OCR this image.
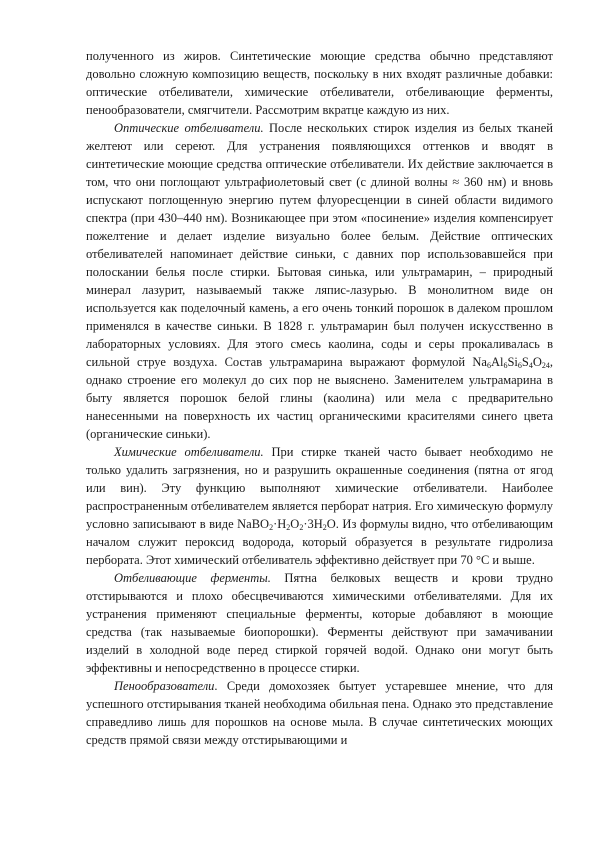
полученного из жиров. Синтетические моющие средства обычно представляют довольно сложную композицию веществ, поскольку в них входят различные добавки: оптические отбеливатели, химические отбеливатели, отбеливающие ферменты, пенообразователи, смягчители. Рассмотрим вкратце каждую из них.

Оптические отбеливатели. После нескольких стирок изделия из белых тканей желтеют или сереют. Для устранения появляющихся оттенков и вводят в синтетические моющие средства оптические отбеливатели. Их действие заключается в том, что они поглощают ультрафиолетовый свет (с длиной волны ≈ 360 нм) и вновь испускают поглощенную энергию путем флуоресценции в синей области видимого спектра (при 430–440 нм). Возникающее при этом «посинение» изделия компенсирует пожелтение и делает изделие визуально более белым. Действие оптических отбеливателей напоминает действие синьки, с давних пор использовавшейся при полоскании белья после стирки. Бытовая синька, или ультрамарин, – природный минерал лазурит, называемый также ляпис-лазурью. В монолитном виде он используется как поделочный камень, а его очень тонкий порошок в далеком прошлом применялся в качестве синьки. В 1828 г. ультрамарин был получен искусственно в лабораторных условиях. Для этого смесь каолина, соды и серы прокаливалась в сильной струе воздуха. Состав ультрамарина выражают формулой $Na_6Al_6Si_6S_4O_{24}$, однако строение его молекул до сих пор не выяснено. Заменителем ультрамарина в быту является порошок белой глины (каолина) или мела с предварительно нанесенными на поверхность их частиц органическими красителями синего цвета (органические синьки).

Химические отбеливатели. При стирке тканей часто бывает необходимо не только удалить загрязнения, но и разрушить окрашенные соединения (пятна от ягод или вин). Эту функцию выполняют химические отбеливатели. Наиболее распространенным отбеливателем является перборат натрия. Его химическую формулу условно записывают в виде $NaBO_2\cdot H_2O_2\cdot 3H_2O$. Из формулы видно, что отбеливающим началом служит пероксид водорода, который образуется в результате гидролиза пербората. Этот химический отбеливатель эффективно действует при 70 °С и выше.

Отбеливающие ферменты. Пятна белковых веществ и крови трудно отстирываются и плохо обесцвечиваются химическими отбеливателями. Для их устранения применяют специальные ферменты, которые добавляют в моющие средства (так называемые биопорошки). Ферменты действуют при замачивании изделий в холодной воде перед стиркой горячей водой. Однако они могут быть эффективны и непосредственно в процессе стирки.

Пенообразователи. Среди домохозяек бытует устаревшее мнение, что для успешного отстирывания тканей необходима обильная пена. Однако это представление справедливо лишь для порошков на основе мыла. В случае синтетических моющих средств прямой связи между отстирывающими и
